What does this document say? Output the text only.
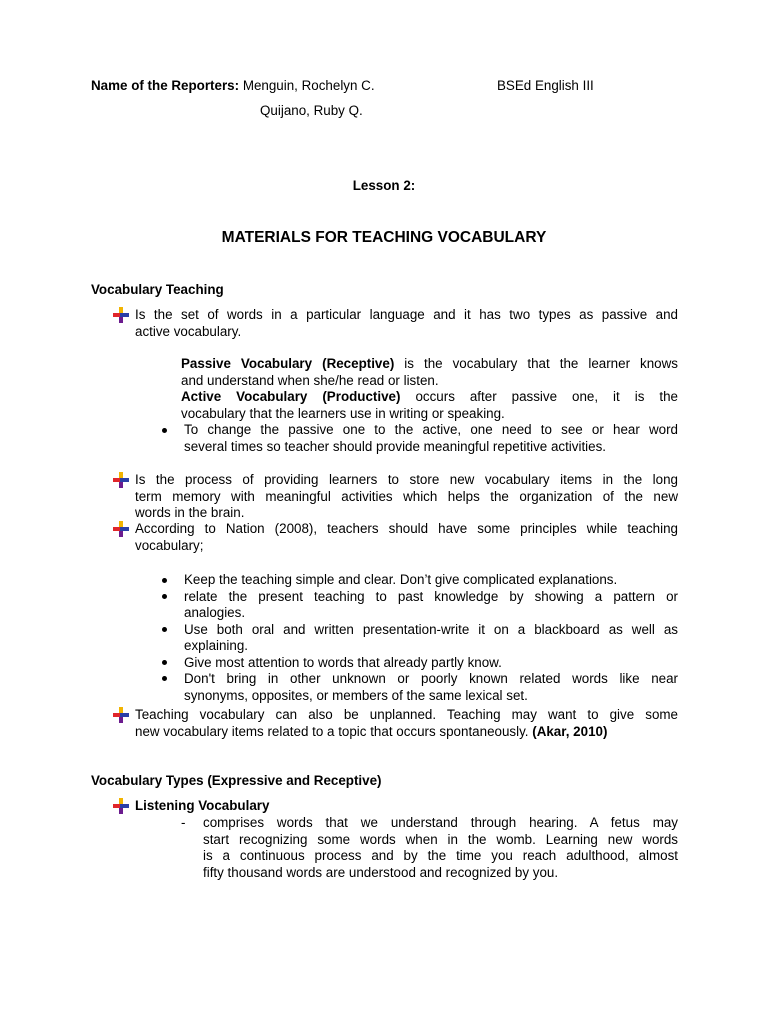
Name of the Reporters: Menguin, Rochelyn C.	BSEd English III

Quijano, Ruby Q.

Lesson 2:

MATERIALS FOR TEACHING VOCABULARY

Vocabulary Teaching

Is the set of words in a particular language and it has two types as passive and

active vocabulary.

Passive Vocabulary (Receptive) is the vocabulary that the learner knows

and understand when she/he read or listen.

Active Vocabulary (Productive) occurs after passive one, it is the

vocabulary that the learners use in writing or speaking.

To change the passive one to the active, one need to see or hear word

several times so teacher should provide meaningful repetitive activities.

Is the process of providing learners to store new vocabulary items in the long

term memory with meaningful activities which helps the organization of the new

words in the brain.

According to Nation (2008), teachers should have some principles while teaching

vocabulary;

Keep the teaching simple and clear. Don’t give complicated explanations.

relate the present teaching to past knowledge by showing a pattern or

analogies.

Use both oral and written presentation-write it on a blackboard as well as

explaining.

Give most attention to words that already partly know.

Don't bring in other unknown or poorly known related words like near

synonyms, opposites, or members of the same lexical set.

Teaching vocabulary can also be unplanned. Teaching may want to give some

new vocabulary items related to a topic that occurs spontaneously. (Akar, 2010)

Vocabulary Types (Expressive and Receptive)

Listening Vocabulary

- comprises words that we understand through hearing. A fetus may

start recognizing some words when in the womb. Learning new words

is a continuous process and by the time you reach adulthood, almost

fifty thousand words are understood and recognized by you.
